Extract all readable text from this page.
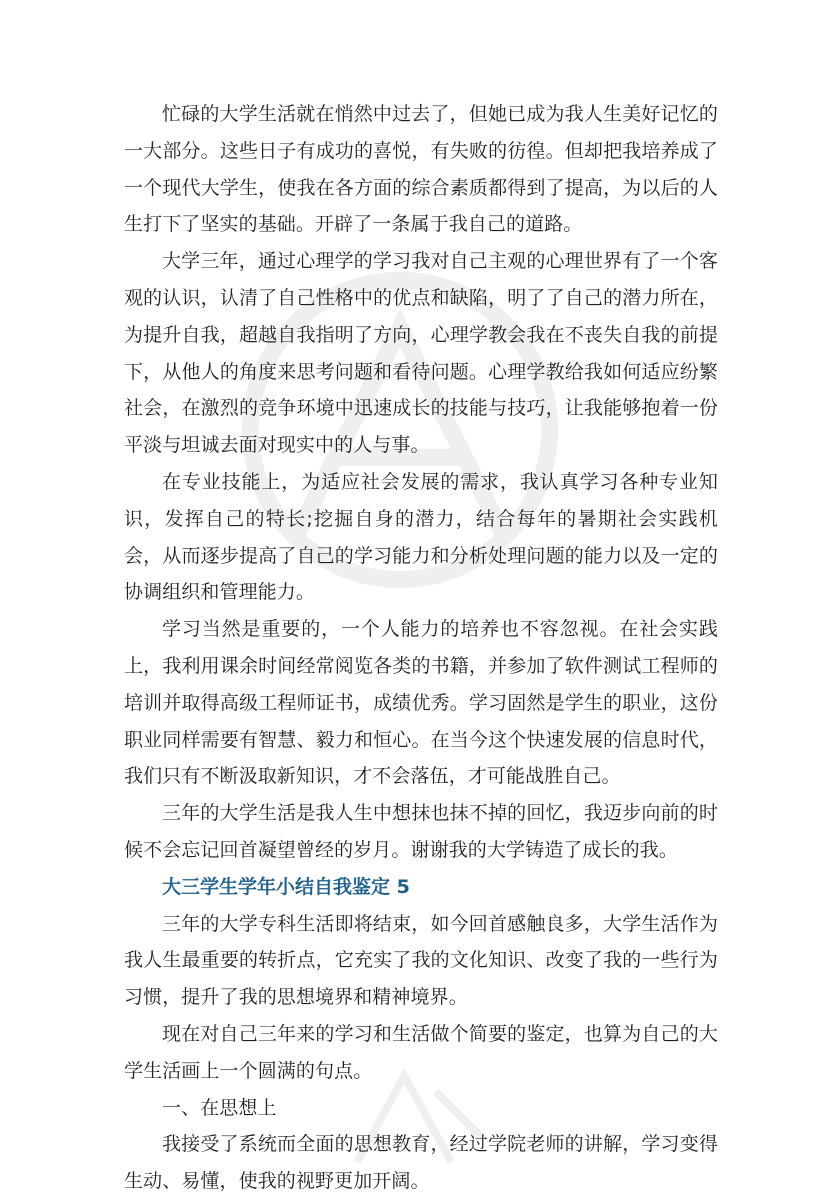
忙碌的大学生活就在悄然中过去了，但她已成为我人生美好记忆的一大部分。这些日子有成功的喜悦，有失败的彷徨。但却把我培养成了一个现代大学生，使我在各方面的综合素质都得到了提高，为以后的人生打下了坚实的基础。开辟了一条属于我自己的道路。

大学三年，通过心理学的学习我对自己主观的心理世界有了一个客观的认识，认清了自己性格中的优点和缺陷，明了了自己的潜力所在，为提升自我，超越自我指明了方向，心理学教会我在不丧失自我的前提下，从他人的角度来思考问题和看待问题。心理学教给我如何适应纷繁社会，在激烈的竞争环境中迅速成长的技能与技巧，让我能够抱着一份平淡与坦诚去面对现实中的人与事。

在专业技能上，为适应社会发展的需求，我认真学习各种专业知识，发挥自己的特长;挖掘自身的潜力，结合每年的暑期社会实践机会，从而逐步提高了自己的学习能力和分析处理问题的能力以及一定的协调组织和管理能力。

学习当然是重要的，一个人能力的培养也不容忽视。在社会实践上，我利用课余时间经常阅览各类的书籍，并参加了软件测试工程师的培训并取得高级工程师证书，成绩优秀。学习固然是学生的职业，这份职业同样需要有智慧、毅力和恒心。在当今这个快速发展的信息时代，我们只有不断汲取新知识，才不会落伍，才可能战胜自己。

三年的大学生活是我人生中想抹也抹不掉的回忆，我迈步向前的时候不会忘记回首凝望曾经的岁月。谢谢我的大学铸造了成长的我。

大三学生学年小结自我鉴定 5

三年的大学专科生活即将结束，如今回首感触良多，大学生活作为我人生最重要的转折点，它充实了我的文化知识、改变了我的一些行为习惯，提升了我的思想境界和精神境界。

现在对自己三年来的学习和生活做个简要的鉴定，也算为自己的大学生活画上一个圆满的句点。

一、在思想上

我接受了系统而全面的思想教育，经过学院老师的讲解，学习变得生动、易懂，使我的视野更加开阔。
